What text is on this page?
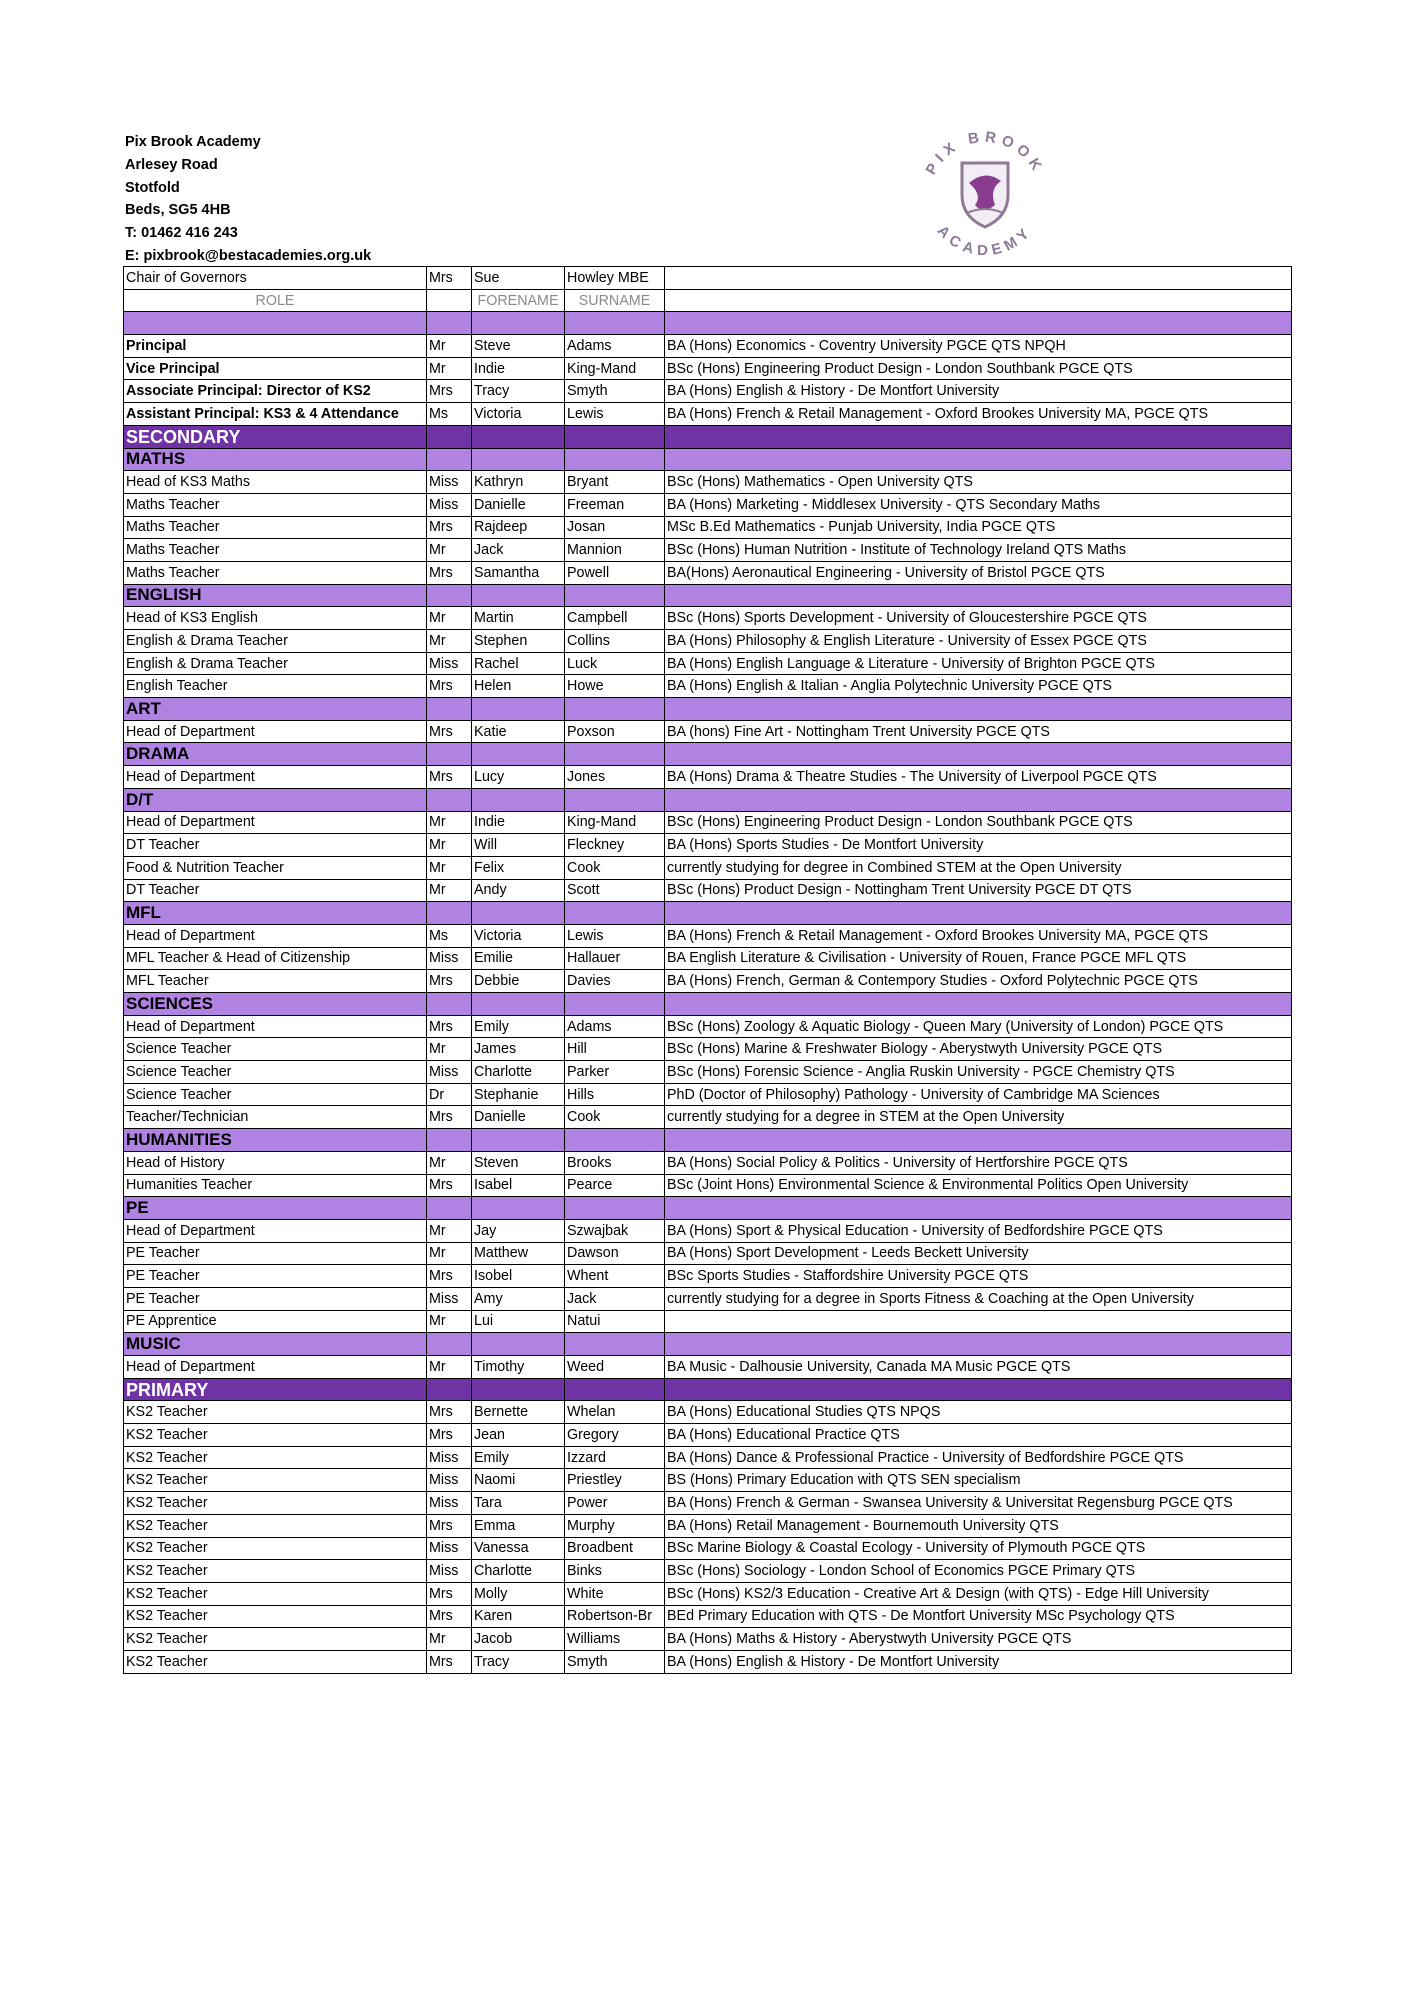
Pix Brook Academy
Arlesey Road
Stotfold
Beds, SG5 4HB
T: 01462 416 243
E: pixbrook@bestacademies.org.uk
PIX BROOK
ACADEMY
Chair of Governors	Mrs	Sue	Howley MBE	
ROLE		FORENAME	SURNAME	

Principal	Mr	Steve	Adams	BA (Hons) Economics - Coventry University PGCE QTS NPQH
Vice Principal	Mr	Indie	King-Mand	BSc (Hons) Engineering Product Design - London Southbank PGCE QTS
Associate Principal: Director of KS2	Mrs	Tracy	Smyth	BA (Hons) English & History - De Montfort University
Assistant Principal: KS3 & 4 Attendance	Ms	Victoria	Lewis	BA (Hons) French & Retail Management - Oxford Brookes University MA, PGCE QTS
SECONDARY				
MATHS				
Head of KS3 Maths	Miss	Kathryn	Bryant	BSc (Hons) Mathematics - Open University QTS
Maths Teacher	Miss	Danielle	Freeman	BA (Hons) Marketing - Middlesex University - QTS Secondary Maths
Maths Teacher	Mrs	Rajdeep	Josan	MSc B.Ed Mathematics - Punjab University, India PGCE QTS
Maths Teacher	Mr	Jack	Mannion	BSc (Hons) Human Nutrition - Institute of Technology Ireland QTS Maths
Maths Teacher	Mrs	Samantha	Powell	BA(Hons) Aeronautical Engineering - University of Bristol PGCE QTS
ENGLISH				
Head of KS3 English	Mr	Martin	Campbell	BSc (Hons) Sports Development - University of Gloucestershire PGCE QTS
English & Drama Teacher	Mr	Stephen	Collins	BA (Hons) Philosophy & English Literature - University of Essex PGCE QTS
English & Drama Teacher	Miss	Rachel	Luck	BA (Hons) English Language & Literature - University of Brighton PGCE QTS
English Teacher	Mrs	Helen	Howe	BA (Hons) English & Italian - Anglia Polytechnic University PGCE QTS
ART				
Head of Department	Mrs	Katie	Poxson	BA (hons) Fine Art - Nottingham Trent University PGCE QTS
DRAMA				
Head of Department	Mrs	Lucy	Jones	BA (Hons) Drama & Theatre Studies - The University of Liverpool PGCE QTS
D/T				
Head of Department	Mr	Indie	King-Mand	BSc (Hons) Engineering Product Design - London Southbank PGCE QTS
DT Teacher	Mr	Will	Fleckney	BA (Hons) Sports Studies - De Montfort University
Food & Nutrition Teacher	Mr	Felix	Cook	currently studying for degree in Combined STEM at the Open University
DT Teacher	Mr	Andy	Scott	BSc (Hons) Product Design - Nottingham Trent University PGCE DT QTS
MFL				
Head of Department	Ms	Victoria	Lewis	BA (Hons) French & Retail Management - Oxford Brookes University MA, PGCE QTS
MFL Teacher & Head of Citizenship	Miss	Emilie	Hallauer	BA English Literature & Civilisation - University of Rouen, France PGCE MFL QTS
MFL Teacher	Mrs	Debbie	Davies	BA (Hons) French, German & Contempory Studies - Oxford Polytechnic PGCE QTS
SCIENCES				
Head of Department	Mrs	Emily	Adams	BSc (Hons) Zoology & Aquatic Biology - Queen Mary (University of London) PGCE QTS
Science Teacher	Mr	James	Hill	BSc (Hons) Marine & Freshwater Biology - Aberystwyth University PGCE QTS
Science Teacher	Miss	Charlotte	Parker	BSc (Hons) Forensic Science - Anglia Ruskin University - PGCE Chemistry QTS
Science Teacher	Dr	Stephanie	Hills	PhD (Doctor of Philosophy) Pathology - University of Cambridge MA Sciences
Teacher/Technician	Mrs	Danielle	Cook	currently studying for a degree in STEM at the Open University
HUMANITIES				
Head of History	Mr	Steven	Brooks	BA (Hons) Social Policy & Politics - University of Hertforshire PGCE QTS
Humanities Teacher	Mrs	Isabel	Pearce	BSc (Joint Hons) Environmental Science & Environmental Politics Open University
PE				
Head of Department	Mr	Jay	Szwajbak	BA (Hons) Sport & Physical Education - University of Bedfordshire PGCE QTS
PE Teacher	Mr	Matthew	Dawson	BA (Hons) Sport Development - Leeds Beckett University
PE Teacher	Mrs	Isobel	Whent	BSc Sports Studies - Staffordshire University PGCE QTS
PE Teacher	Miss	Amy	Jack	currently studying for a degree in Sports Fitness & Coaching at the Open University
PE Apprentice	Mr	Lui	Natui	
MUSIC				
Head of Department	Mr	Timothy	Weed	BA Music - Dalhousie University, Canada MA Music PGCE QTS
PRIMARY				
KS2 Teacher	Mrs	Bernette	Whelan	BA (Hons) Educational Studies QTS NPQS
KS2 Teacher	Mrs	Jean	Gregory	BA (Hons) Educational Practice QTS
KS2 Teacher	Miss	Emily	Izzard	BA (Hons) Dance & Professional Practice - University of Bedfordshire PGCE QTS
KS2 Teacher	Miss	Naomi	Priestley	BS (Hons) Primary Education with QTS SEN specialism
KS2 Teacher	Miss	Tara	Power	BA (Hons) French & German - Swansea University & Universitat Regensburg PGCE QTS
KS2 Teacher	Mrs	Emma	Murphy	BA (Hons) Retail Management - Bournemouth University QTS
KS2 Teacher	Miss	Vanessa	Broadbent	BSc Marine Biology & Coastal Ecology - University of Plymouth PGCE QTS
KS2 Teacher	Miss	Charlotte	Binks	BSc (Hons) Sociology - London School of Economics PGCE Primary QTS
KS2 Teacher	Mrs	Molly	White	BSc (Hons) KS2/3 Education - Creative Art & Design (with QTS) - Edge Hill University
KS2 Teacher	Mrs	Karen	Robertson-Br	BEd Primary Education with QTS - De Montfort University MSc Psychology QTS
KS2 Teacher	Mr	Jacob	Williams	BA (Hons) Maths & History - Aberystwyth University PGCE QTS
KS2 Teacher	Mrs	Tracy	Smyth	BA (Hons) English & History - De Montfort University
